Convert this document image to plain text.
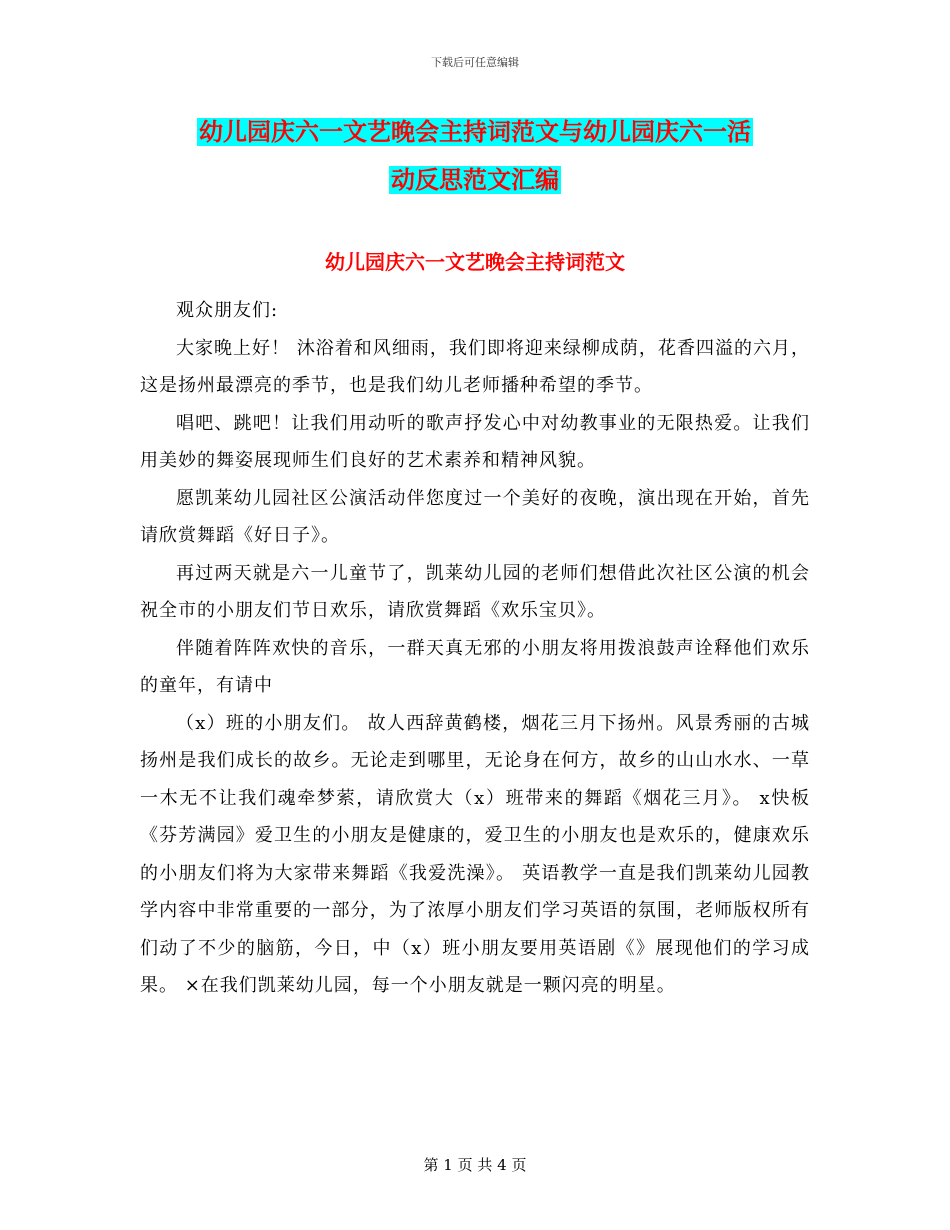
下载后可任意编辑
幼儿园庆六一文艺晚会主持词范文与幼儿园庆六一活
动反思范文汇编
幼儿园庆六一文艺晚会主持词范文

观众朋友们:

大家晚上好！ 沐浴着和风细雨，我们即将迎来绿柳成荫，花香四溢的六月，这是扬州最漂亮的季节，也是我们幼儿老师播种希望的季节。

唱吧、跳吧！让我们用动听的歌声抒发心中对幼教事业的无限热爱。让我们用美妙的舞姿展现师生们良好的艺术素养和精神风貌。

愿凯莱幼儿园社区公演活动伴您度过一个美好的夜晚，演出现在开始，首先请欣赏舞蹈《好日子》。

再过两天就是六一儿童节了，凯莱幼儿园的老师们想借此次社区公演的机会祝全市的小朋友们节日欢乐，请欣赏舞蹈《欢乐宝贝》。

伴随着阵阵欢快的音乐，一群天真无邪的小朋友将用拨浪鼓声诠释他们欢乐的童年，有请中

（x）班的小朋友们。 故人西辞黄鹤楼，烟花三月下扬州。风景秀丽的古城扬州是我们成长的故乡。无论走到哪里，无论身在何方，故乡的山山水水、一草一木无不让我们魂牵梦萦，请欣赏大（x）班带来的舞蹈《烟花三月》。 x快板《芬芳满园》爱卫生的小朋友是健康的，爱卫生的小朋友也是欢乐的，健康欢乐的小朋友们将为大家带来舞蹈《我爱洗澡》。 英语教学一直是我们凯莱幼儿园教学内容中非常重要的一部分，为了浓厚小朋友们学习英语的氛围，老师版权所有们动了不少的脑筋，今日，中（x）班小朋友要用英语剧《》展现他们的学习成果。 ×在我们凯莱幼儿园，每一个小朋友就是一颗闪亮的明星。

第 1 页 共 4 页
